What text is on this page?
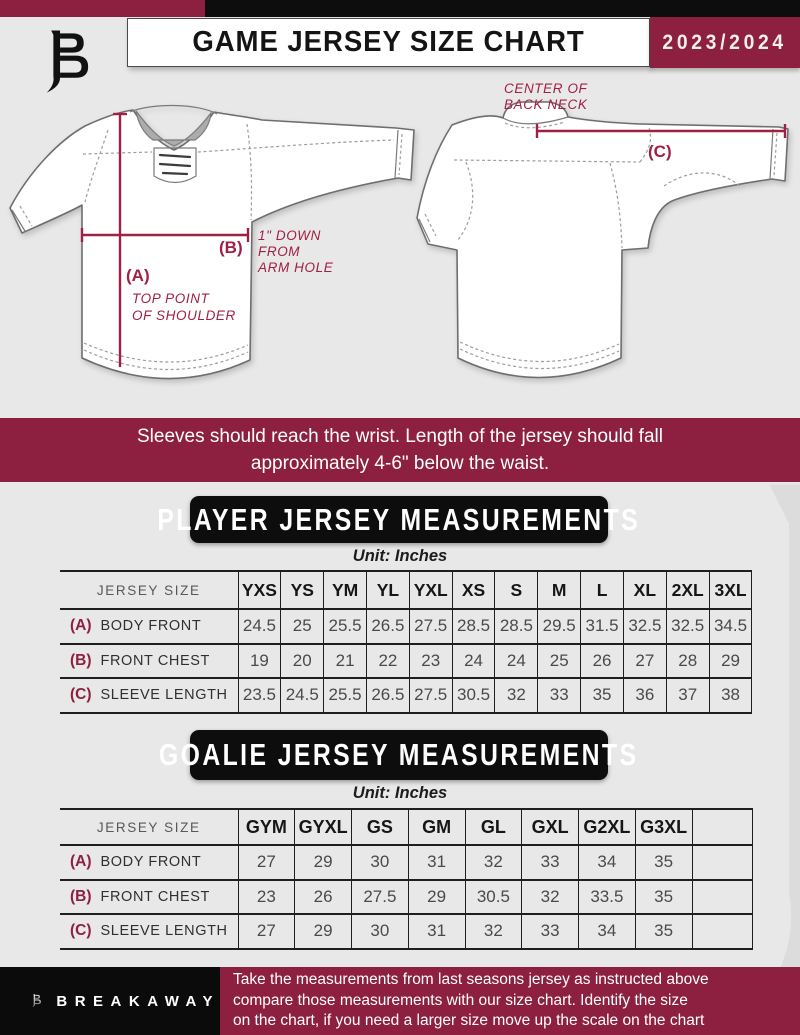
GAME JERSEY SIZE CHART	2023/2024
(B)
1" DOWN
FROM
ARM HOLE
(A)
TOP POINT
OF SHOULDER
CENTER OF
BACK NECK
(C)
Sleeves should reach the wrist. Length of the jersey should fall
approximately 4-6" below the waist.
PLAYER JERSEY MEASUREMENTS
Unit: Inches
JERSEY SIZE	YXS	YS	YM	YL	YXL	XS	S	M	L	XL	2XL	3XL

(A) BODY FRONT	24.5	25	25.5	26.5	27.5	28.5	28.5	29.5	31.5	32.5	32.5	34.5

(B) FRONT CHEST	19	20	21	22	23	24	24	25	26	27	28	29

(C) SLEEVE LENGTH	23.5	24.5	25.5	26.5	27.5	30.5	32	33	35	36	37	38
GOALIE JERSEY MEASUREMENTS
Unit: Inches
JERSEY SIZE	GYM	GYXL	GS	GM	GL	GXL	G2XL	G3XL	

(A) BODY FRONT	27	29	30	31	32	33	34	35	

(B) FRONT CHEST	23	26	27.5	29	30.5	32	33.5	35	

(C) SLEEVE LENGTH	27	29	30	31	32	33	34	35	
BREAKAWAY
Take the measurements from last seasons jersey as instructed above
compare those measurements with our size chart. Identify the size
on the chart, if you need a larger size move up the scale on the chart
